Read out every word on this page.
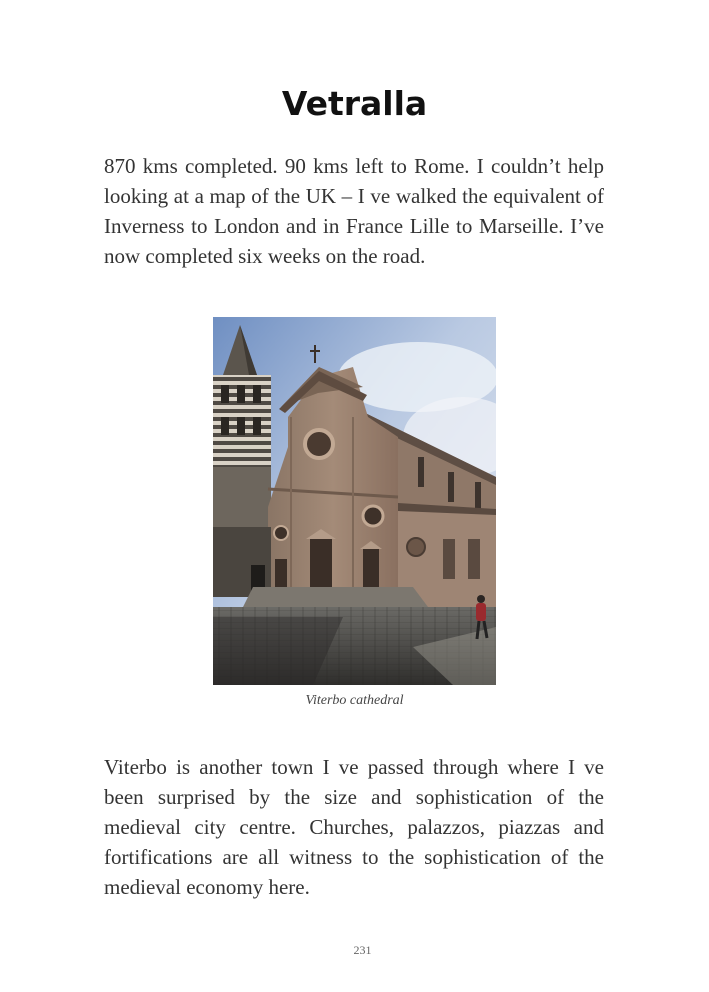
Vetralla

870 kms completed. 90 kms left to Rome. I couldn’t help looking at a map of the UK – I ve walked the equivalent of Inverness to London and in France Lille to Marseille. I’ve now completed six weeks on the road.

Viterbo cathedral

Viterbo is another town I ve passed through where I ve been surprised by the size and sophistication of the medieval city centre. Churches, palazzos, piazzas and fortifications are all witness to the sophistication of the medieval economy here.

231
